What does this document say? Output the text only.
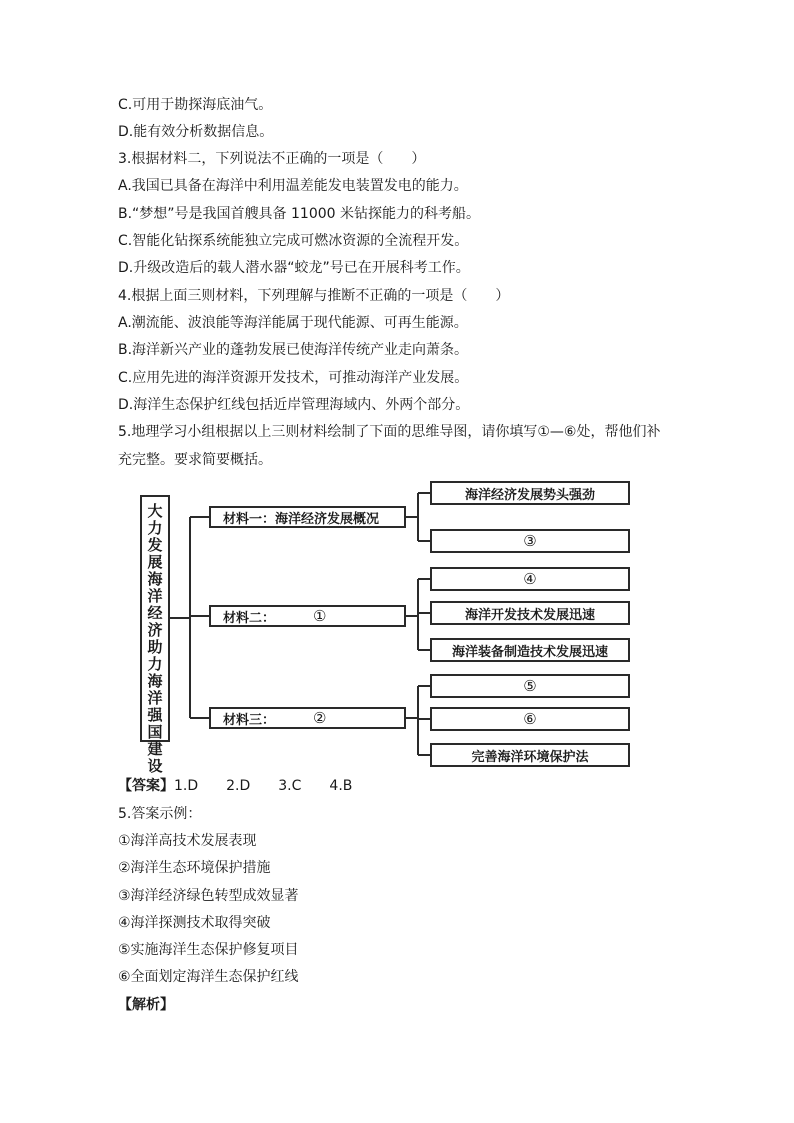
C.可用于勘探海底油气。
D.能有效分析数据信息。
3.根据材料二，下列说法不正确的一项是（　　）
A.我国已具备在海洋中利用温差能发电装置发电的能力。
B.“梦想”号是我国首艘具备 11000 米钻探能力的科考船。
C.智能化钻探系统能独立完成可燃冰资源的全流程开发。
D.升级改造后的载人潜水器“蛟龙”号已在开展科考工作。
4.根据上面三则材料，下列理解与推断不正确的一项是（　　）
A.潮流能、波浪能等海洋能属于现代能源、可再生能源。
B.海洋新兴产业的蓬勃发展已使海洋传统产业走向萧条。
C.应用先进的海洋资源开发技术，可推动海洋产业发展。
D.海洋生态保护红线包括近岸管理海域内、外两个部分。
5.地理学习小组根据以上三则材料绘制了下面的思维导图，请你填写①—⑥处，帮他们补
充完整。要求简要概括。
大
力
发
展
海
洋
经
济
助
力
海
洋
强
国
建
设
材料一：海洋经济发展概况
材料二：	①
材料三：	②
海洋经济发展势头强劲
③
④
海洋开发技术发展迅速
海洋装备制造技术发展迅速
⑤
⑥
完善海洋环境保护法
【答案】1.D　　2.D　　3.C　　4.B
5.答案示例：
①海洋高技术发展表现
②海洋生态环境保护措施
③海洋经济绿色转型成效显著
④海洋探测技术取得突破
⑤实施海洋生态保护修复项目
⑥全面划定海洋生态保护红线
【解析】
